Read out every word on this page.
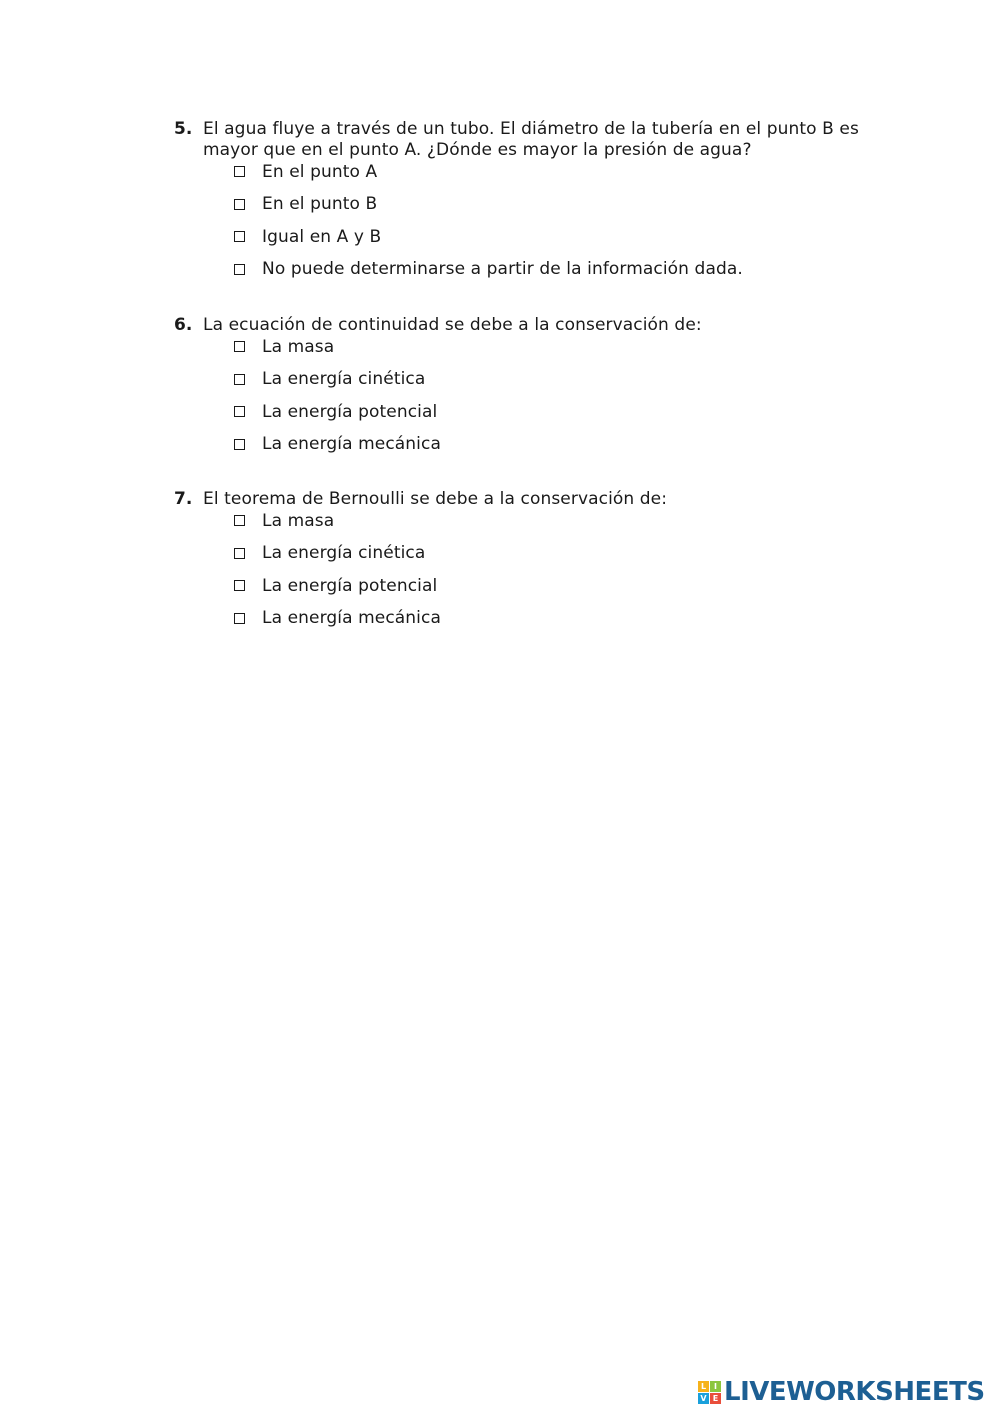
5. El agua fluye a través de un tubo. El diámetro de la tubería en el punto B es mayor que en el punto A. ¿Dónde es mayor la presión de agua?
En el punto A
En el punto B
Igual en A y B
No puede determinarse a partir de la información dada.
6. La ecuación de continuidad se debe a la conservación de:
La masa
La energía cinética
La energía potencial
La energía mecánica
7. El teorema de Bernoulli se debe a la conservación de:
La masa
La energía cinética
La energía potencial
La energía mecánica
L I
V E LIVEWORKSHEETS
